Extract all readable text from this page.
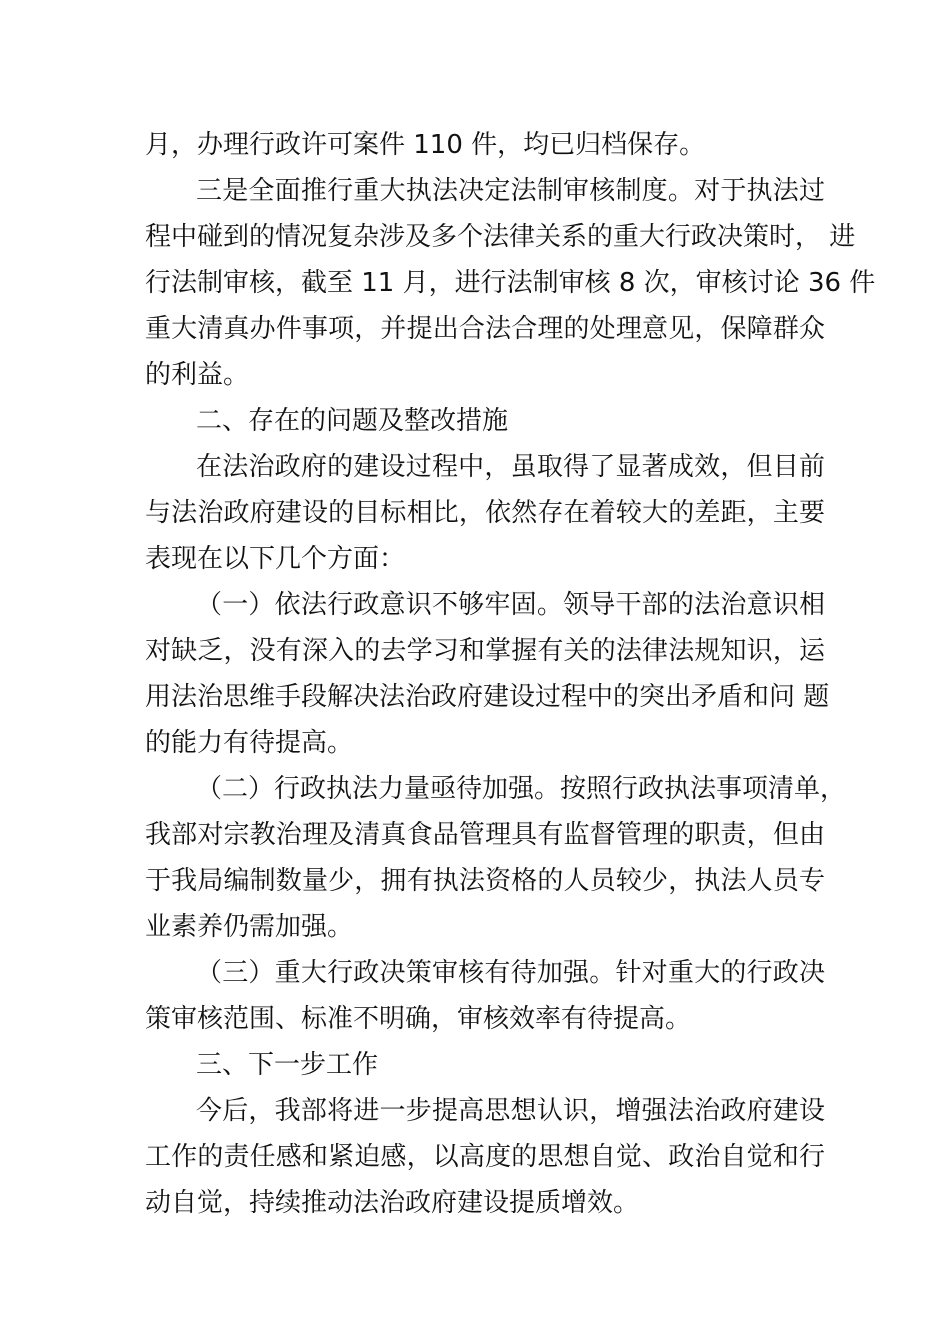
月，办理行政许可案件 110 件，均已归档保存。
三是全面推行重大执法决定法制审核制度。对于执法过
程中碰到的情况复杂涉及多个法律关系的重大行政决策时， 进
行法制审核，截至 11 月，进行法制审核 8 次，审核讨论 36 件
重大清真办件事项，并提出合法合理的处理意见，保障群众
的利益。
二、存在的问题及整改措施
在法治政府的建设过程中，虽取得了显著成效，但目前
与法治政府建设的目标相比，依然存在着较大的差距，主要
表现在以下几个方面：
（一）依法行政意识不够牢固。领导干部的法治意识相
对缺乏，没有深入的去学习和掌握有关的法律法规知识，运
用法治思维手段解决法治政府建设过程中的突出矛盾和问 题
的能力有待提高。
（二）行政执法力量亟待加强。按照行政执法事项清单，
我部对宗教治理及清真食品管理具有监督管理的职责，但由
于我局编制数量少，拥有执法资格的人员较少，执法人员专
业素养仍需加强。
（三）重大行政决策审核有待加强。针对重大的行政决
策审核范围、标准不明确，审核效率有待提高。
三、下一步工作
今后，我部将进一步提高思想认识，增强法治政府建设
工作的责任感和紧迫感，以高度的思想自觉、政治自觉和行
动自觉，持续推动法治政府建设提质增效。
